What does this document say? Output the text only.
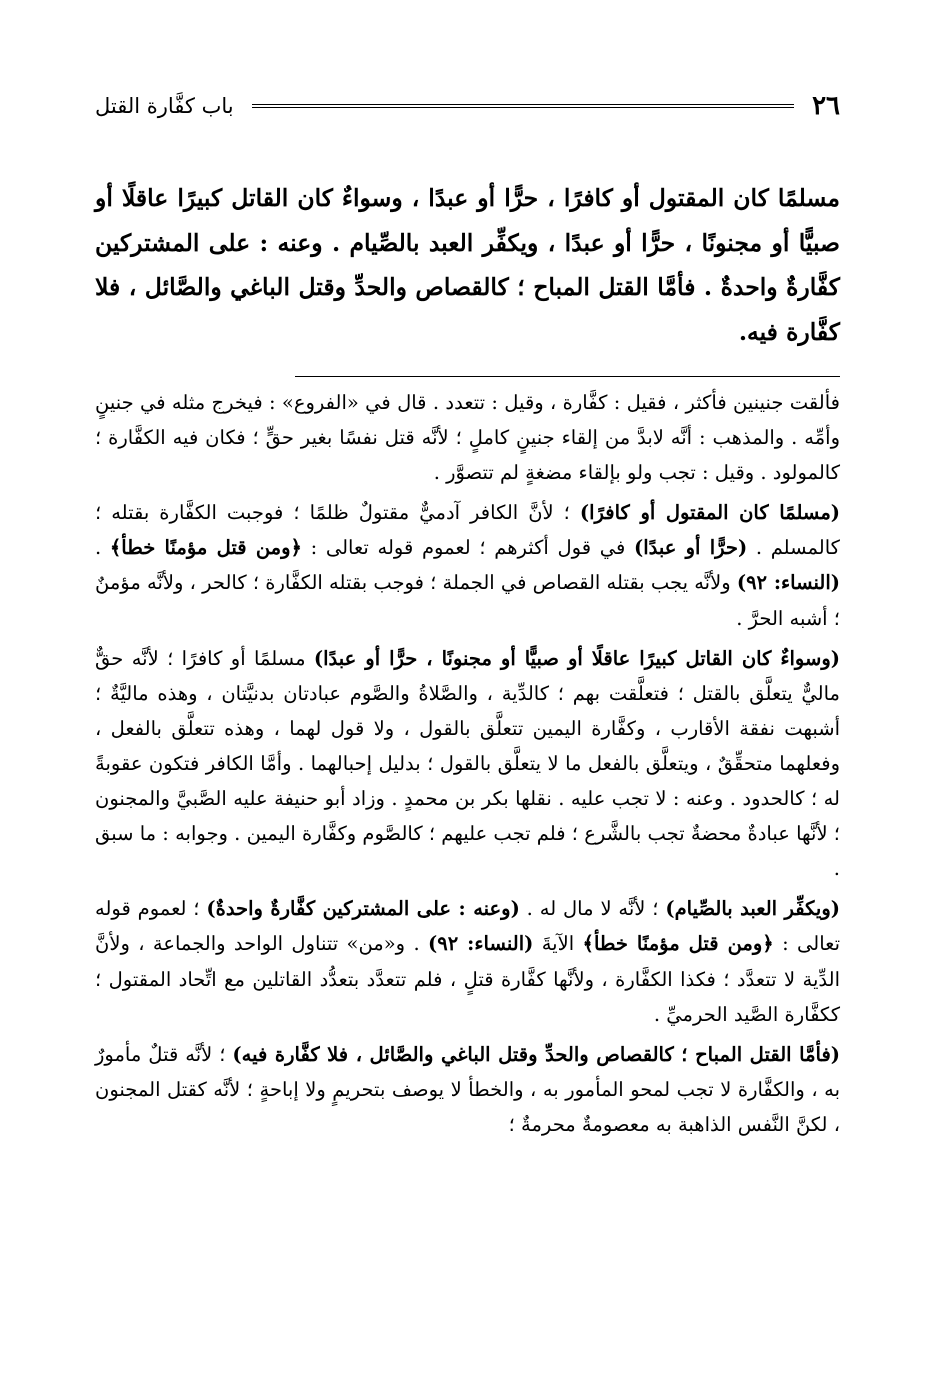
٢٦
باب كفَّارة القتل
مسلمًا كان المقتول أو كافرًا ، حرًّا أو عبدًا ، وسواءٌ كان القاتل كبيرًا عاقلًا أو صبيًّا أو مجنونًا ، حرًّا أو عبدًا ، ويكفِّر العبد بالصِّيام . وعنه : على المشتركين كفَّارةٌ واحدةٌ . فأمَّا القتل المباح ؛ كالقصاص والحدِّ وقتل الباغي والصَّائل ، فلا كفَّارة فيه.

فألقت جنينين فأكثر ، فقيل : كفَّارة ، وقيل : تتعدد . قال في «الفروع» : فيخرج مثله في جنينٍ وأمِّه . والمذهب : أنَّه لابدَّ من إلقاء جنينٍ كاملٍ ؛ لأنَّه قتل نفسًا بغير حقٍّ ؛ فكان فيه الكفَّارة ؛ كالمولود . وقيل : تجب ولو بإلقاء مضغةٍ لم تتصوَّر .

(مسلمًا كان المقتول أو كافرًا) ؛ لأنَّ الكافر آدميٌّ مقتولٌ ظلمًا ؛ فوجبت الكفَّارة بقتله ؛ كالمسلم . (حرًّا أو عبدًا) في قول أكثرهم ؛ لعموم قوله تعالى : ﴿ومن قتل مؤمنًا خطأ﴾ . (النساء: ٩٢) ولأنَّه يجب بقتله القصاص في الجملة ؛ فوجب بقتله الكفَّارة ؛ كالحر ، ولأنَّه مؤمنٌ ؛ أشبه الحرَّ .

(وسواءٌ كان القاتل كبيرًا عاقلًا أو صبيًّا أو مجنونًا ، حرًّا أو عبدًا) مسلمًا أو كافرًا ؛ لأنَّه حقٌّ ماليٌّ يتعلَّق بالقتل ؛ فتعلَّقت بهم ؛ كالدِّية ، والصَّلاةُ والصَّوم عبادتان بدنيَّتان ، وهذه ماليَّةٌ ؛ أشبهت نفقة الأقارب ، وكفَّارة اليمين تتعلَّق بالقول ، ولا قول لهما ، وهذه تتعلَّق بالفعل ، وفعلهما متحقِّقٌ ، ويتعلَّق بالفعل ما لا يتعلَّق بالقول ؛ بدليل إحبالهما . وأمَّا الكافر فتكون عقوبةً له ؛ كالحدود . وعنه : لا تجب عليه . نقلها بكر بن محمدٍ . وزاد أبو حنيفة عليه الصَّبيَّ والمجنون ؛ لأنَّها عبادةٌ محضةٌ تجب بالشَّرع ؛ فلم تجب عليهم ؛ كالصَّوم وكفَّارة اليمين . وجوابه : ما سبق .

(ويكفِّر العبد بالصِّيام) ؛ لأنَّه لا مال له . (وعنه : على المشتركين كفَّارةٌ واحدةٌ) ؛ لعموم قوله تعالى : ﴿ومن قتل مؤمنًا خطأ﴾ الآيةَ (النساء: ٩٢) . و«من» تتناول الواحد والجماعة ، ولأنَّ الدِّية لا تتعدَّد ؛ فكذا الكفَّارة ، ولأنَّها كفَّارة قتلٍ ، فلم تتعدَّد بتعدُّد القاتلين مع اتِّحاد المقتول ؛ ككفَّارة الصَّيد الحرميِّ .

(فأمَّا القتل المباح ؛ كالقصاص والحدِّ وقتل الباغي والصَّائل ، فلا كفَّارة فيه) ؛ لأنَّه قتلٌ مأمورٌ به ، والكفَّارة لا تجب لمحو المأمور به ، والخطأ لا يوصف بتحريمٍ ولا إباحةٍ ؛ لأنَّه كقتل المجنون ، لكنَّ النَّفس الذاهبة به معصومةٌ محرمةٌ ؛
